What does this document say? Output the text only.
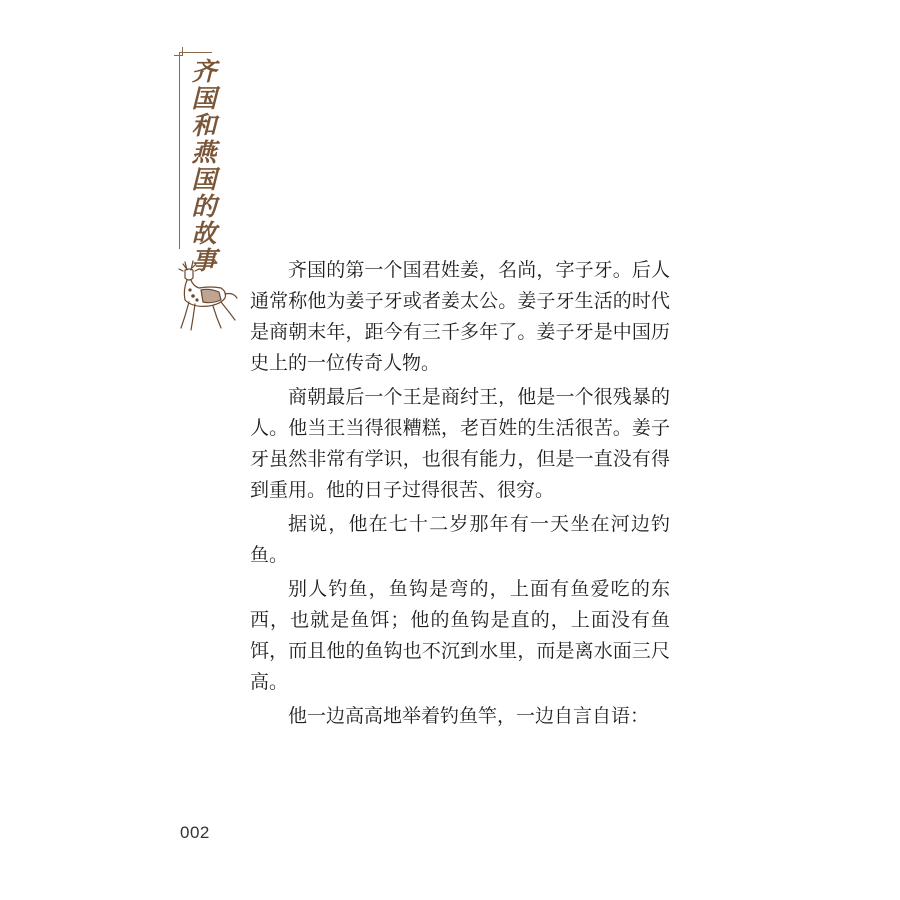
齐国和燕国的故事	齐国的第一个国君姓姜，名尚，字子牙。后人通常称他为姜子牙或者姜太公。姜子牙生活的时代是商朝末年，距今有三千多年了。姜子牙是中国历史上的一位传奇人物。

商朝最后一个王是商纣王，他是一个很残暴的人。他当王当得很糟糕，老百姓的生活很苦。姜子牙虽然非常有学识，也很有能力，但是一直没有得到重用。他的日子过得很苦、很穷。

据说，他在七十二岁那年有一天坐在河边钓鱼。

别人钓鱼，鱼钩是弯的，上面有鱼爱吃的东西，也就是鱼饵；他的鱼钩是直的，上面没有鱼饵，而且他的鱼钩也不沉到水里，而是离水面三尺高。

他一边高高地举着钓鱼竿，一边自言自语：

002
